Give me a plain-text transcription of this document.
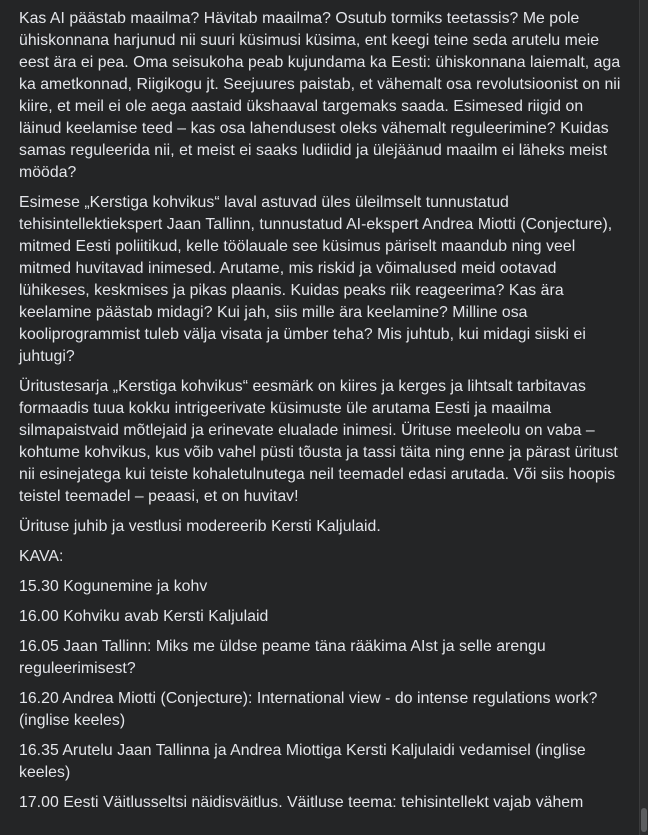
Kas AI päästab maailma? Hävitab maailma? Osutub tormiks teetassis? Me pole ühiskonnana harjunud nii suuri küsimusi küsima, ent keegi teine seda arutelu meie eest ära ei pea. Oma seisukoha peab kujundama ka Eesti: ühiskonnana laiemalt, aga ka ametkonnad, Riigikogu jt. Seejuures paistab, et vähemalt osa revolutsioonist on nii kiire, et meil ei ole aega aastaid ükshaaval targemaks saada. Esimesed riigid on läinud keelamise teed – kas osa lahendusest oleks vähemalt reguleerimine? Kuidas samas reguleerida nii, et meist ei saaks ludiidid ja ülejäänud maailm ei läheks meist mööda?

Esimese „Kerstiga kohvikus“ laval astuvad üles üleilmselt tunnustatud tehisintellektiekspert Jaan Tallinn, tunnustatud AI-ekspert Andrea Miotti (Conjecture), mitmed Eesti poliitikud, kelle töölauale see küsimus päriselt maandub ning veel mitmed huvitavad inimesed. Arutame, mis riskid ja võimalused meid ootavad lühikeses, keskmises ja pikas plaanis. Kuidas peaks riik reageerima? Kas ära keelamine päästab midagi? Kui jah, siis mille ära keelamine? Milline osa kooliprogrammist tuleb välja visata ja ümber teha? Mis juhtub, kui midagi siiski ei juhtugi?

Üritustesarja „Kerstiga kohvikus“ eesmärk on kiires ja kerges ja lihtsalt tarbitavas formaadis tuua kokku intrigeerivate küsimuste üle arutama Eesti ja maailma silmapaistvaid mõtlejaid ja erinevate elualade inimesi. Ürituse meeleolu on vaba – kohtume kohvikus, kus võib vahel püsti tõusta ja tassi täita ning enne ja pärast üritust nii esinejatega kui teiste kohaletulnutega neil teemadel edasi arutada. Või siis hoopis teistel teemadel – peaasi, et on huvitav!

Ürituse juhib ja vestlusi modereerib Kersti Kaljulaid.

KAVA:

15.30 Kogunemine ja kohv

16.00 Kohviku avab Kersti Kaljulaid

16.05 Jaan Tallinn: Miks me üldse peame täna rääkima AIst ja selle arengu reguleerimisest?

16.20 Andrea Miotti (Conjecture): International view - do intense regulations work? (inglise keeles)

16.35 Arutelu Jaan Tallinna ja Andrea Miottiga Kersti Kaljulaidi vedamisel (inglise keeles)

17.00 Eesti Väitlusseltsi näidisväitlus. Väitluse teema: tehisintellekt vajab vähem
